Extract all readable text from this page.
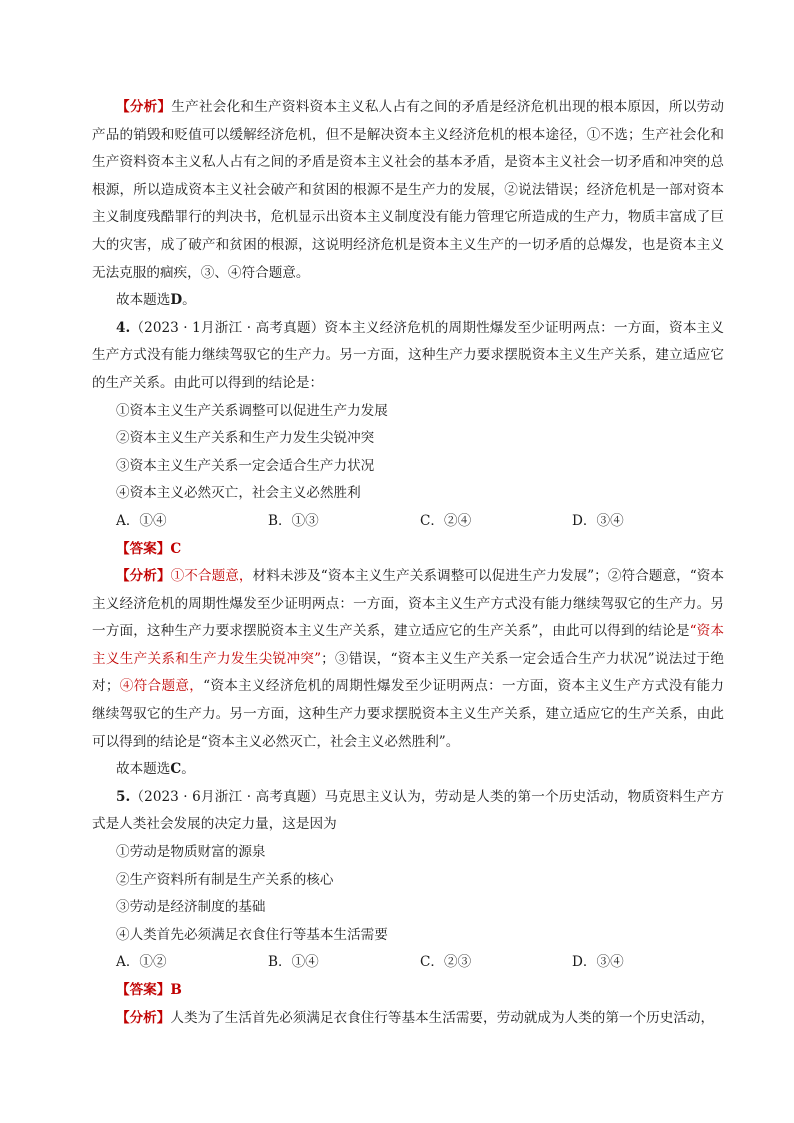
【分析】生产社会化和生产资料资本主义私人占有之间的矛盾是经济危机出现的根本原因，所以劳动产品的销毁和贬值可以缓解经济危机，但不是解决资本主义经济危机的根本途径，①不选；生产社会化和生产资料资本主义私人占有之间的矛盾是资本主义社会的基本矛盾，是资本主义社会一切矛盾和冲突的总根源，所以造成资本主义社会破产和贫困的根源不是生产力的发展，②说法错误；经济危机是一部对资本主义制度残酷罪行的判决书，危机显示出资本主义制度没有能力管理它所造成的生产力，物质丰富成了巨大的灾害，成了破产和贫困的根源，这说明经济危机是资本主义生产的一切矛盾的总爆发，也是资本主义无法克服的痼疾，③、④符合题意。

故本题选D。

4.（2023 · 1月浙江 · 高考真题）资本主义经济危机的周期性爆发至少证明两点：一方面，资本主义生产方式没有能力继续驾驭它的生产力。另一方面，这种生产力要求摆脱资本主义生产关系，建立适应它的生产关系。由此可以得到的结论是：

①资本主义生产关系调整可以促进生产力发展

②资本主义生产关系和生产力发生尖锐冲突

③资本主义生产关系一定会适合生产力状况

④资本主义必然灭亡，社会主义必然胜利

A．①④	B．①③	C．②④	D．③④

【答案】C

【分析】①不合题意，材料未涉及“资本主义生产关系调整可以促进生产力发展”；②符合题意，“资本主义经济危机的周期性爆发至少证明两点：一方面，资本主义生产方式没有能力继续驾驭它的生产力。另一方面，这种生产力要求摆脱资本主义生产关系，建立适应它的生产关系”，由此可以得到的结论是“资本主义生产关系和生产力发生尖锐冲突”；③错误，“资本主义生产关系一定会适合生产力状况”说法过于绝对；④符合题意，“资本主义经济危机的周期性爆发至少证明两点：一方面，资本主义生产方式没有能力继续驾驭它的生产力。另一方面，这种生产力要求摆脱资本主义生产关系，建立适应它的生产关系，由此可以得到的结论是“资本主义必然灭亡，社会主义必然胜利”。

故本题选C。

5.（2023 · 6月浙江 · 高考真题）马克思主义认为，劳动是人类的第一个历史活动，物质资料生产方式是人类社会发展的决定力量，这是因为

①劳动是物质财富的源泉

②生产资料所有制是生产关系的核心

③劳动是经济制度的基础

④人类首先必须满足衣食住行等基本生活需要

A．①②	B．①④	C．②③	D．③④

【答案】B

【分析】人类为了生活首先必须满足衣食住行等基本生活需要，劳动就成为人类的第一个历史活动，
